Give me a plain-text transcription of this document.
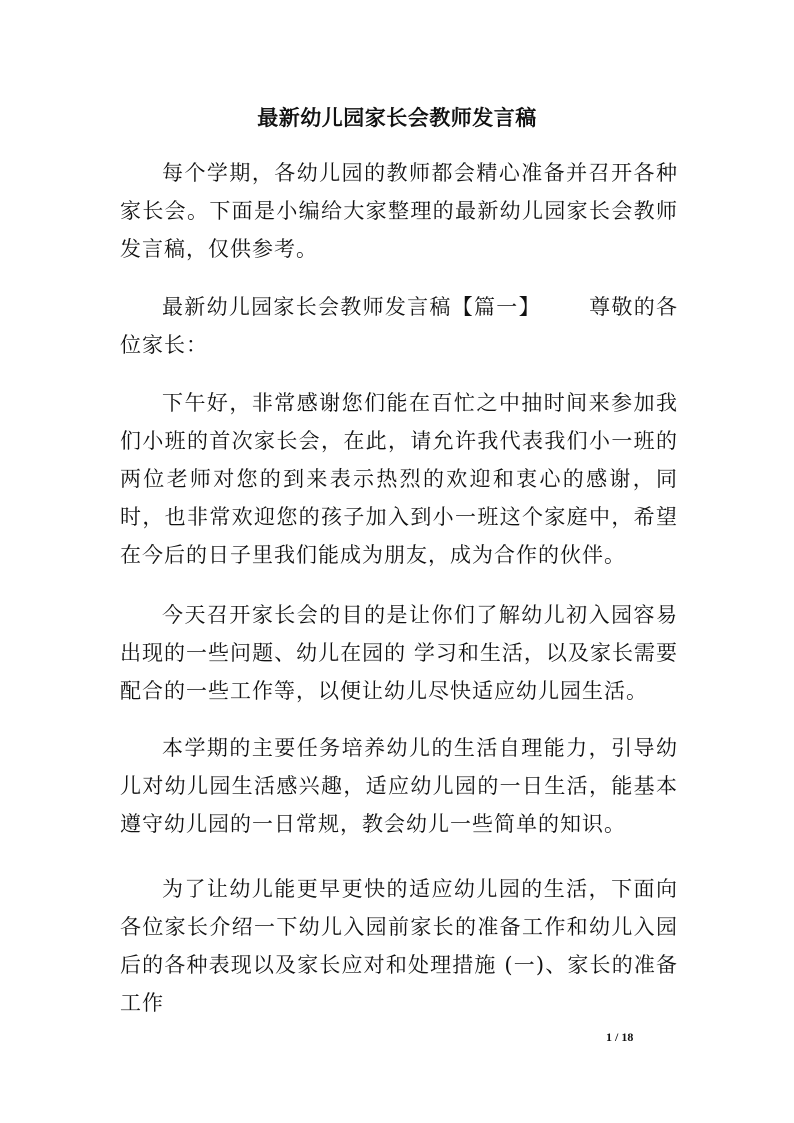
最新幼儿园家长会教师发言稿

每个学期，各幼儿园的教师都会精心准备并召开各种家长会。下面是小编给大家整理的最新幼儿园家长会教师发言稿，仅供参考。

最新幼儿园家长会教师发言稿【篇一】 尊敬的各位家长：

下午好，非常感谢您们能在百忙之中抽时间来参加我们小班的首次家长会，在此，请允许我代表我们小一班的两位老师对您的到来表示热烈的欢迎和衷心的感谢，同时，也非常欢迎您的孩子加入到小一班这个家庭中，希望在今后的日子里我们能成为朋友，成为合作的伙伴。

今天召开家长会的目的是让你们了解幼儿初入园容易出现的一些问题、幼儿在园的 学习和生活，以及家长需要配合的一些工作等，以便让幼儿尽快适应幼儿园生活。

本学期的主要任务培养幼儿的生活自理能力，引导幼儿对幼儿园生活感兴趣，适应幼儿园的一日生活，能基本遵守幼儿园的一日常规，教会幼儿一些简单的知识。

为了让幼儿能更早更快的适应幼儿园的生活，下面向各位家长介绍一下幼儿入园前家长的准备工作和幼儿入园后的各种表现以及家长应对和处理措施 (一)、家长的准备工作

1 / 18
